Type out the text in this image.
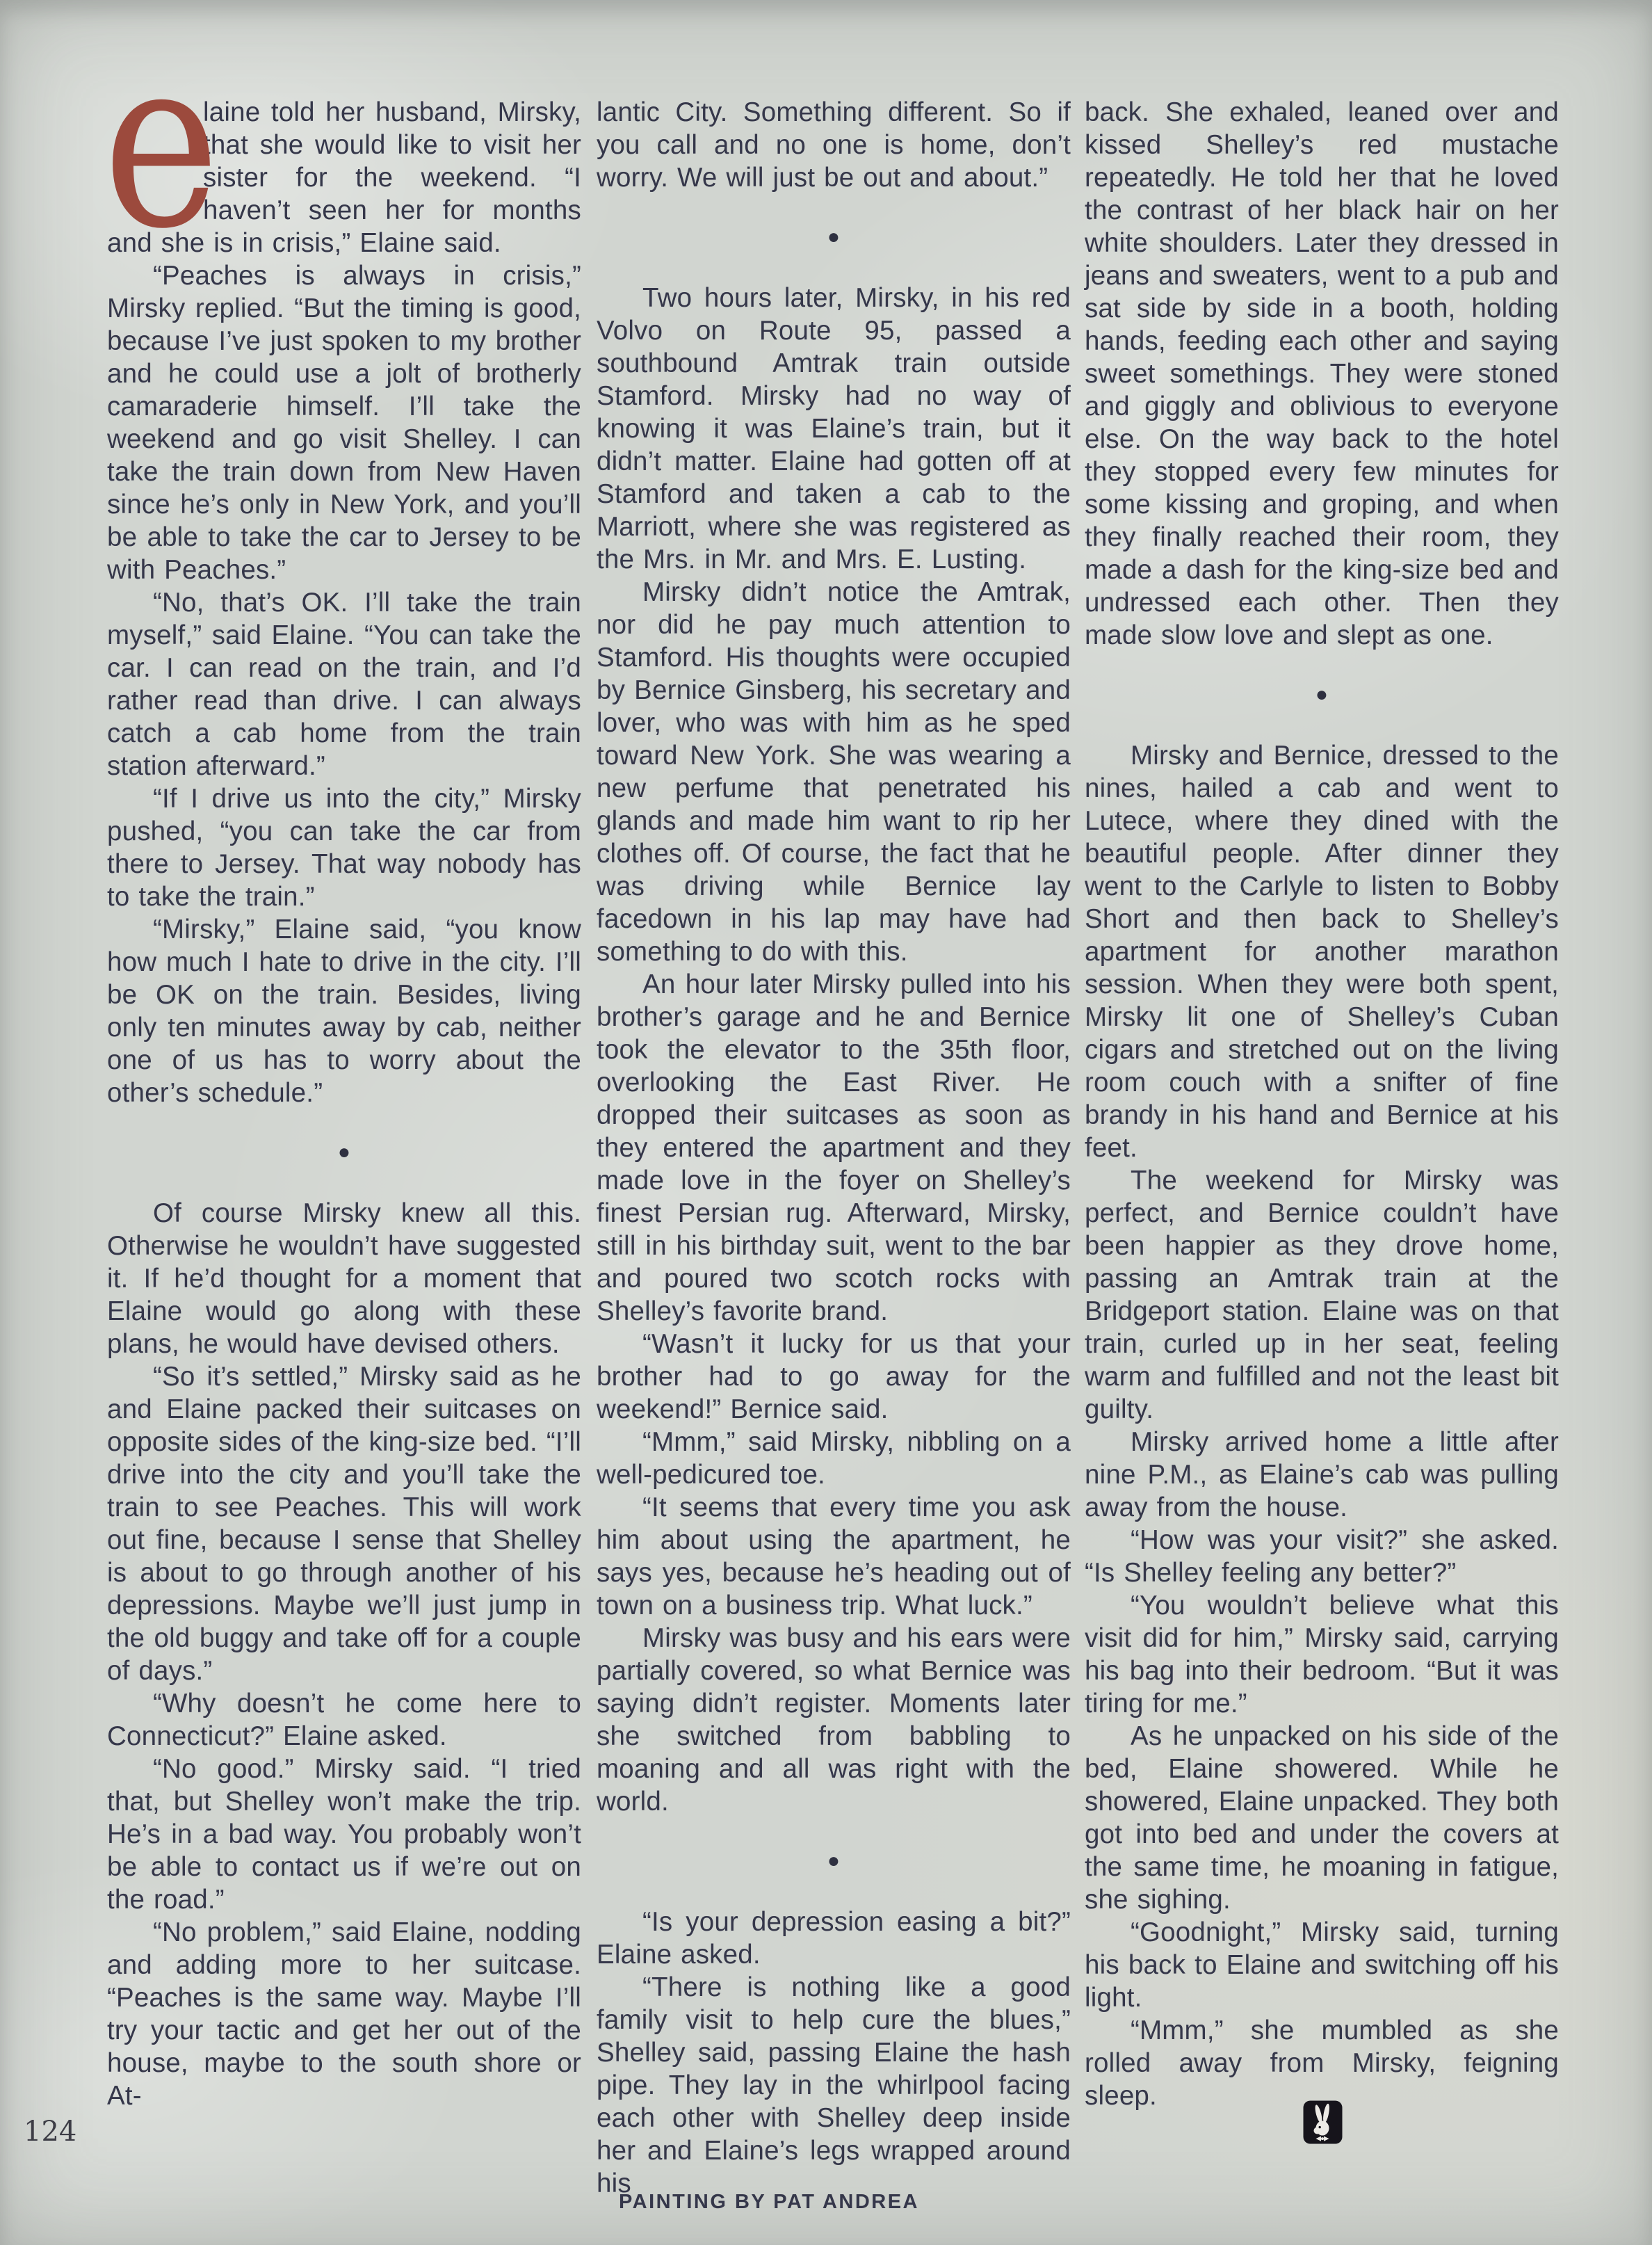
e
laine told her husband, Mirsky, that she would like to visit her sister for the weekend. “I haven’t seen her for months and she is in crisis,” Elaine said.

“Peaches is always in crisis,” Mirsky replied. “But the timing is good, because I’ve just spoken to my brother and he could use a jolt of brotherly camaraderie himself. I’ll take the weekend and go visit Shelley. I can take the train down from New Haven since he’s only in New York, and you’ll be able to take the car to Jersey to be with Peaches.”

“No, that’s OK. I’ll take the train myself,” said Elaine. “You can take the car. I can read on the train, and I’d rather read than drive. I can always catch a cab home from the train station afterward.”

“If I drive us into the city,” Mirsky pushed, “you can take the car from there to Jersey. That way nobody has to take the train.”

“Mirsky,” Elaine said, “you know how much I hate to drive in the city. I’ll be OK on the train. Besides, living only ten minutes away by cab, neither one of us has to worry about the other’s schedule.”

●

Of course Mirsky knew all this. Otherwise he wouldn’t have suggested it. If he’d thought for a moment that Elaine would go along with these plans, he would have devised others.

“So it’s settled,” Mirsky said as he and Elaine packed their suitcases on opposite sides of the king-size bed. “I’ll drive into the city and you’ll take the train to see Peaches. This will work out fine, because I sense that Shelley is about to go through another of his depressions. Maybe we’ll just jump in the old buggy and take off for a couple of days.”

“Why doesn’t he come here to Connecticut?” Elaine asked.

“No good.” Mirsky said. “I tried that, but Shelley won’t make the trip. He’s in a bad way. You probably won’t be able to contact us if we’re out on the road.”

“No problem,” said Elaine, nodding and adding more to her suitcase. “Peaches is the same way. Maybe I’ll try your tactic and get her out of the house, maybe to the south shore or At-

lantic City. Something different. So if you call and no one is home, don’t worry. We will just be out and about.”

●

Two hours later, Mirsky, in his red Volvo on Route 95, passed a southbound Amtrak train outside Stamford. Mirsky had no way of knowing it was Elaine’s train, but it didn’t matter. Elaine had gotten off at Stamford and taken a cab to the Marriott, where she was registered as the Mrs. in Mr. and Mrs. E. Lusting.

Mirsky didn’t notice the Amtrak, nor did he pay much attention to Stamford. His thoughts were occupied by Bernice Ginsberg, his secretary and lover, who was with him as he sped toward New York. She was wearing a new perfume that penetrated his glands and made him want to rip her clothes off. Of course, the fact that he was driving while Bernice lay facedown in his lap may have had something to do with this.

An hour later Mirsky pulled into his brother’s garage and he and Bernice took the elevator to the 35th floor, overlooking the East River. He dropped their suitcases as soon as they entered the apartment and they made love in the foyer on Shelley’s finest Persian rug. Afterward, Mirsky, still in his birthday suit, went to the bar and poured two scotch rocks with Shelley’s favorite brand.

“Wasn’t it lucky for us that your brother had to go away for the weekend!” Bernice said.

“Mmm,” said Mirsky, nibbling on a well-pedicured toe.

“It seems that every time you ask him about using the apartment, he says yes, because he’s heading out of town on a business trip. What luck.”

Mirsky was busy and his ears were partially covered, so what Bernice was saying didn’t register. Moments later she switched from babbling to moaning and all was right with the world.

●

“Is your depression easing a bit?” Elaine asked.

“There is nothing like a good family visit to help cure the blues,” Shelley said, passing Elaine the hash pipe. They lay in the whirlpool facing each other with Shelley deep inside her and Elaine’s legs wrapped around his

back. She exhaled, leaned over and kissed Shelley’s red mustache repeatedly. He told her that he loved the contrast of her black hair on her white shoulders. Later they dressed in jeans and sweaters, went to a pub and sat side by side in a booth, holding hands, feeding each other and saying sweet somethings. They were stoned and giggly and oblivious to everyone else. On the way back to the hotel they stopped every few minutes for some kissing and groping, and when they finally reached their room, they made a dash for the king-size bed and undressed each other. Then they made slow love and slept as one.

●

Mirsky and Bernice, dressed to the nines, hailed a cab and went to Lutece, where they dined with the beautiful people. After dinner they went to the Carlyle to listen to Bobby Short and then back to Shelley’s apartment for another marathon session. When they were both spent, Mirsky lit one of Shelley’s Cuban cigars and stretched out on the living room couch with a snifter of fine brandy in his hand and Bernice at his feet.

The weekend for Mirsky was perfect, and Bernice couldn’t have been happier as they drove home, passing an Amtrak train at the Bridgeport station. Elaine was on that train, curled up in her seat, feeling warm and fulfilled and not the least bit guilty.

Mirsky arrived home a little after nine P.M., as Elaine’s cab was pulling away from the house.

“How was your visit?” she asked. “Is Shelley feeling any better?”

“You wouldn’t believe what this visit did for him,” Mirsky said, carrying his bag into their bedroom. “But it was tiring for me.”

As he unpacked on his side of the bed, Elaine showered. While he showered, Elaine unpacked. They both got into bed and under the covers at the same time, he moaning in fatigue, she sighing.

“Goodnight,” Mirsky said, turning his back to Elaine and switching off his light.

“Mmm,” she mumbled as she rolled away from Mirsky, feigning sleep.

124
PAINTING BY PAT ANDREA
